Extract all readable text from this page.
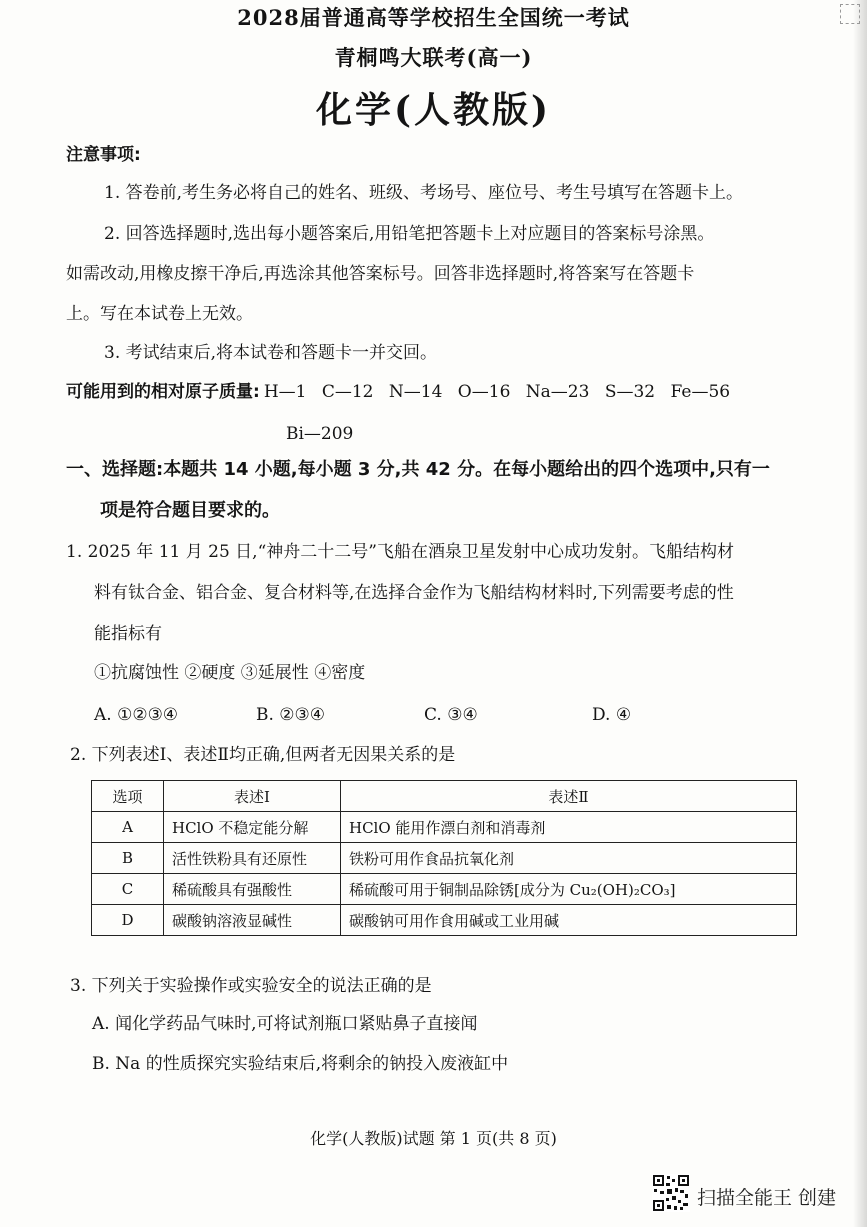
2028届普通高等学校招生全国统一考试
青桐鸣大联考(高一)
化学(人教版)
注意事项:
1. 答卷前,考生务必将自己的姓名、班级、考场号、座位号、考生号填写在答题卡上。
2. 回答选择题时,选出每小题答案后,用铅笔把答题卡上对应题目的答案标号涂黑。
如需改动,用橡皮擦干净后,再选涂其他答案标号。回答非选择题时,将答案写在答题卡
上。写在本试卷上无效。
3. 考试结束后,将本试卷和答题卡一并交回。
可能用到的相对原子质量: H—1 C—12 N—14 O—16 Na—23 S—32 Fe—56
Bi—209
一、选择题:本题共 14 小题,每小题 3 分,共 42 分。在每小题给出的四个选项中,只有一
项是符合题目要求的。
1. 2025 年 11 月 25 日,“神舟二十二号”飞船在酒泉卫星发射中心成功发射。飞船结构材
料有钛合金、铝合金、复合材料等,在选择合金作为飞船结构材料时,下列需要考虑的性
能指标有
①抗腐蚀性 ②硬度 ③延展性 ④密度
A. ①②③④	B. ②③④	C. ③④	D. ④
2. 下列表述Ⅰ、表述Ⅱ均正确,但两者无因果关系的是
选项	表述Ⅰ	表述Ⅱ
A	HClO 不稳定能分解	HClO 能用作漂白剂和消毒剂
B	活性铁粉具有还原性	铁粉可用作食品抗氧化剂
C	稀硫酸具有强酸性	稀硫酸可用于铜制品除锈[成分为 Cu₂(OH)₂CO₃]
D	碳酸钠溶液显碱性	碳酸钠可用作食用碱或工业用碱
3. 下列关于实验操作或实验安全的说法正确的是
A. 闻化学药品气味时,可将试剂瓶口紧贴鼻子直接闻
B. Na 的性质探究实验结束后,将剩余的钠投入废液缸中
化学(人教版)试题 第 1 页(共 8 页)
扫描全能王 创建
